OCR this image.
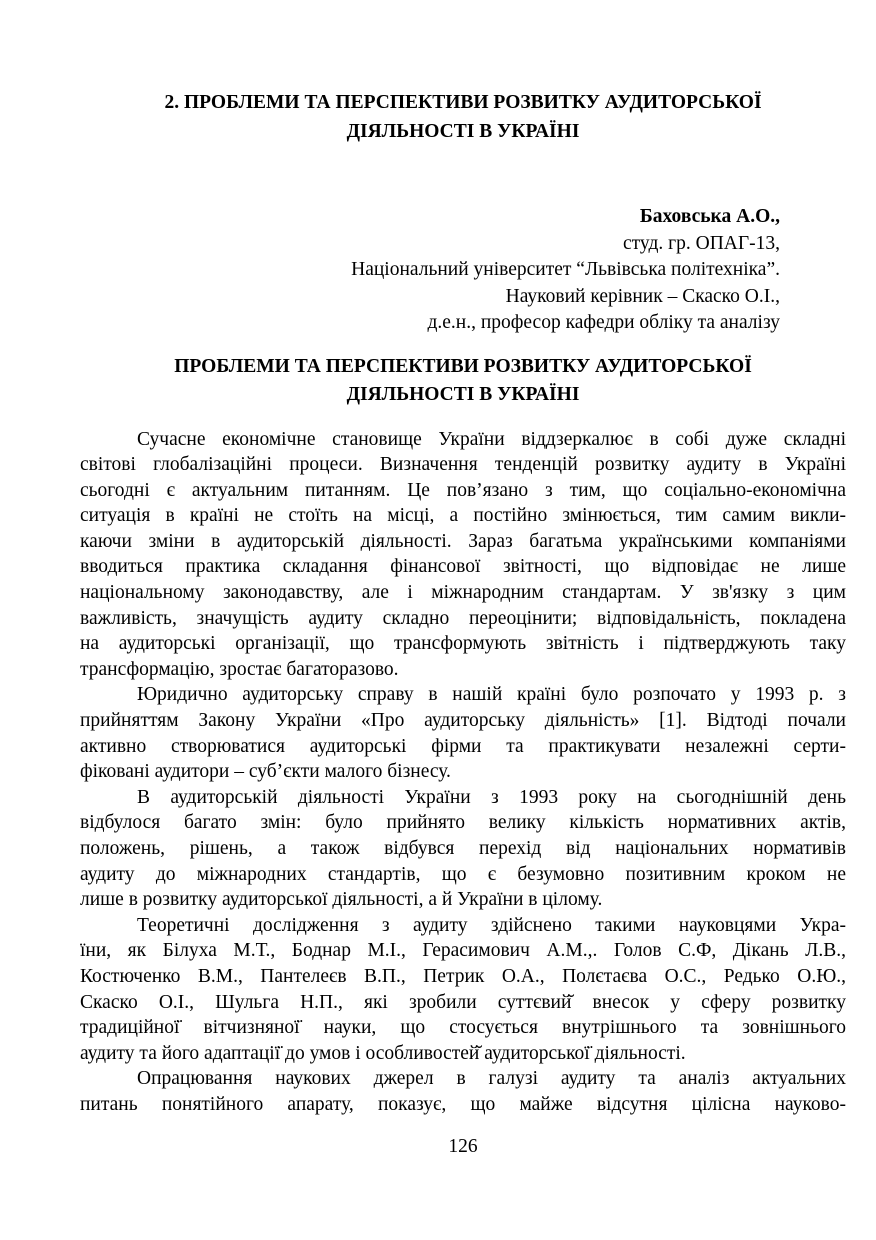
2. ПРОБЛЕМИ ТА ПЕРСПЕКТИВИ РОЗВИТКУ АУДИТОРСЬКОЇ
ДІЯЛЬНОСТІ В УКРАЇНІ
Баховська А.О.,
студ. гр. ОПАГ-13,
Національний університет “Львівська політехніка”.
Науковий керівник – Скаско О.І.,
д.е.н., професор кафедри обліку та аналізу
ПРОБЛЕМИ ТА ПЕРСПЕКТИВИ РОЗВИТКУ АУДИТОРСЬКОЇ
ДІЯЛЬНОСТІ В УКРАЇНІ

Сучасне економічне становище України віддзеркалює в собі дуже складні
світові глобалізаційні процеси. Визначення тенденцій розвитку аудиту в Україні
сьогодні є актуальним питанням. Це пов’язано з тим, що соціально-економічна
ситуація в країні не стоїть на місці, а постійно змінюється, тим самим викли-
каючи зміни в аудиторській діяльності. Зараз багатьма українськими компаніями
вводиться практика складання фінансової звітності, що відповідає не лише
національному законодавству, але і міжнародним стандартам. У зв'язку з цим
важливість, значущість аудиту складно переоцінити; відповідальність, покладена
на аудиторські організації, що трансформують звітність і підтверджують таку
трансформацію, зростає багаторазово.

Юридично аудиторську справу в нашій країні було розпочато у 1993 р. з
прийняттям Закону України «Про аудиторську діяльність» [1]. Відтоді почали
активно створюватися аудиторські фірми та практикувати незалежні серти-
фіковані аудитори – суб’єкти малого бізнесу.

В аудиторській діяльності України з 1993 року на сьогоднішній день
відбулося багато змін: було прийнято велику кількість нормативних актів,
положень, рішень, а також відбувся перехід від національних нормативів
аудиту до міжнародних стандартів, що є безумовно позитивним кроком не
лише в розвитку аудиторської діяльності, а й України в цілому.

Теоретичні дослідження з аудиту здійснено такими науковцями Укра-
їни, як Білуха М.Т., Боднар М.І., Герасимович А.М.,. Голов С.Ф, Дікань Л.В.,
Костюченко В.М., Пантелеєв В.П., Петрик О.А., Полєтаєва О.С., Редько О.Ю.,
Скаско О.І., Шульга Н.П., які зробили суттєвий̆ внесок у сферу розвитку
традиційної̈ вітчизняної̈ науки, що стосується внутрішнього та зовнішнього
аудиту та його адаптації̈ до умов і особливостей̆ аудиторської̈ діяльності.

Опрацювання наукових джерел в галузі аудиту та аналіз актуальних
питань понятійного апарату, показує, що майже відсутня цілісна науково-

126
